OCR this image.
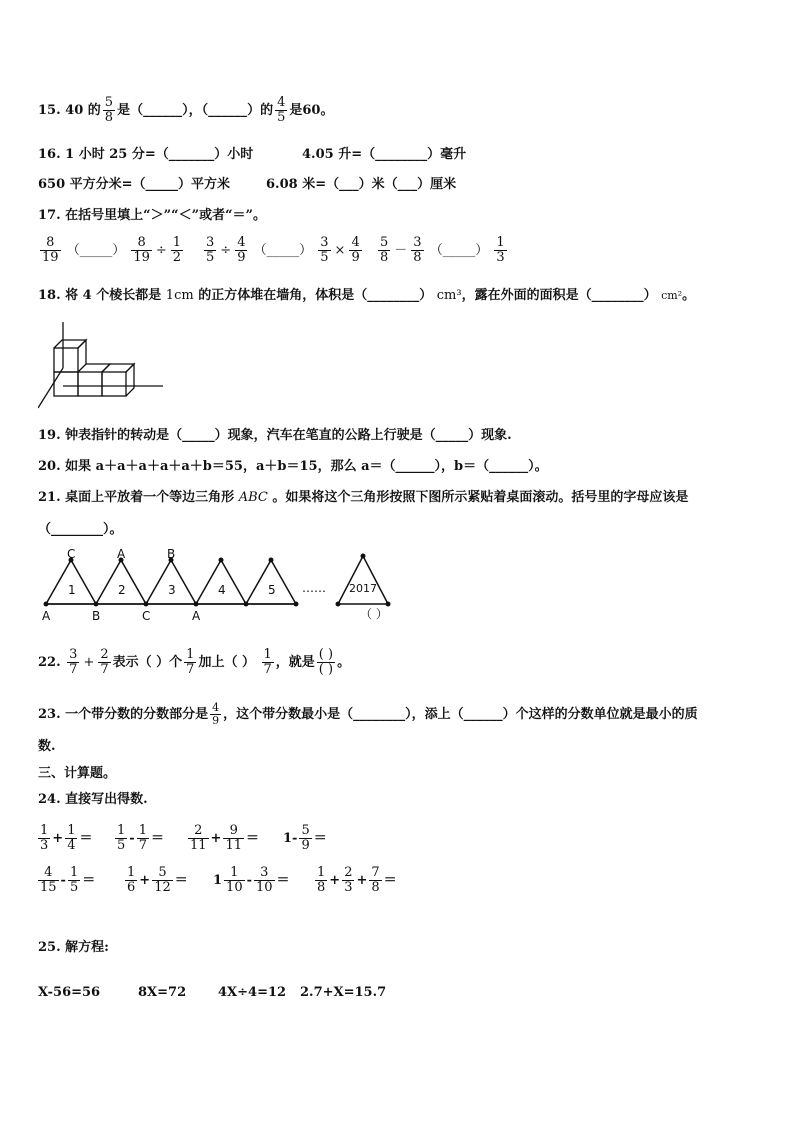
15. 40 的 $\frac{5}{8}$ 是（______），（______）的 $\frac{4}{5}$ 是60。
16. 1 小时 25 分=（_______）小时	4.05 升=（________）毫升
650 平方分米=（_____）平方米	6.08 米=（___）米（___）厘米
17. 在括号里填上“＞”“＜”或者“＝”。
$\frac{8}{19}$ （_____） $\frac{8}{19} \div \frac{1}{2} \frac{3}{5} \div \frac{4}{9}$ （_____） $\frac{3}{5} \times \frac{4}{9} \frac{5}{8} - \frac{3}{8}$ （_____） $\frac{1}{3}$
18. 将 4 个棱长都是 1cm 的正方体堆在墙角，体积是（________） cm³，露在外面的面积是（________） cm²。
19. 钟表指针的转动是（_____）现象，汽车在笔直的公路上行驶是（_____）现象.
20. 如果 a＋a＋a＋a＋a＋b＝55，a＋b＝15，那么 a＝（______），b＝（______）。
21. 桌面上平放着一个等边三角形 ABC 。如果将这个三角形按照下图所示紧贴着桌面滚动。括号里的字母应该是
（________）。
C	A	B
A	B	C	A
1	2	3	4	5 …… 2017
（ ）
22. $\frac{3}{7} + \frac{2}{7}$ 表示（ ）个 $\frac{1}{7}$ 加上（ ） $\frac{1}{7}$ ，就是 $\frac{( )}{( )}$ 。
23. 一个带分数的分数部分是 $\frac{4}{9}$ ，这个带分数最小是（________），添上（______）个这样的分数单位就是最小的质
数.
三、计算题。
24. 直接写出得数.
$\frac{1}{3} + \frac{1}{4} = \frac{1}{5} - \frac{1}{7} = \frac{2}{11} + \frac{9}{11} = 1- \frac{5}{9}$ ＝
$\frac{4}{15} - \frac{1}{5} = \frac{1}{6} + \frac{5}{12} = 1 \frac{1}{10} - \frac{3}{10} = \frac{1}{8} + \frac{2}{3} + \frac{7}{8}$ ＝
25. 解方程:
X-56=56	8X=72 4X÷4=12 2.7+X=15.7
